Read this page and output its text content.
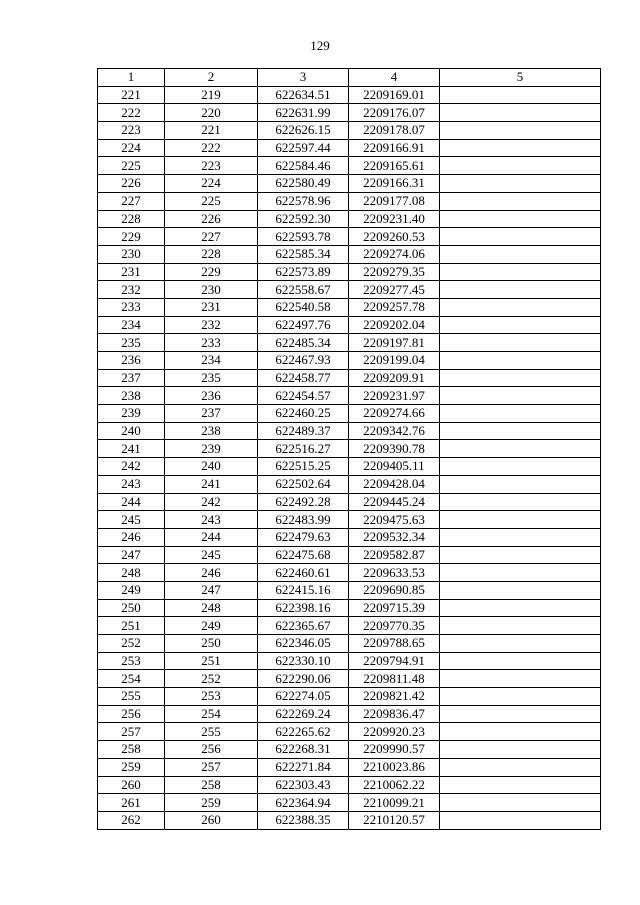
129
1	2	3	4	5
221	219	622634.51	2209169.01	
222	220	622631.99	2209176.07	
223	221	622626.15	2209178.07	
224	222	622597.44	2209166.91	
225	223	622584.46	2209165.61	
226	224	622580.49	2209166.31	
227	225	622578.96	2209177.08	
228	226	622592.30	2209231.40	
229	227	622593.78	2209260.53	
230	228	622585.34	2209274.06	
231	229	622573.89	2209279.35	
232	230	622558.67	2209277.45	
233	231	622540.58	2209257.78	
234	232	622497.76	2209202.04	
235	233	622485.34	2209197.81	
236	234	622467.93	2209199.04	
237	235	622458.77	2209209.91	
238	236	622454.57	2209231.97	
239	237	622460.25	2209274.66	
240	238	622489.37	2209342.76	
241	239	622516.27	2209390.78	
242	240	622515.25	2209405.11	
243	241	622502.64	2209428.04	
244	242	622492.28	2209445.24	
245	243	622483.99	2209475.63	
246	244	622479.63	2209532.34	
247	245	622475.68	2209582.87	
248	246	622460.61	2209633.53	
249	247	622415.16	2209690.85	
250	248	622398.16	2209715.39	
251	249	622365.67	2209770.35	
252	250	622346.05	2209788.65	
253	251	622330.10	2209794.91	
254	252	622290.06	2209811.48	
255	253	622274.05	2209821.42	
256	254	622269.24	2209836.47	
257	255	622265.62	2209920.23	
258	256	622268.31	2209990.57	
259	257	622271.84	2210023.86	
260	258	622303.43	2210062.22	
261	259	622364.94	2210099.21	
262	260	622388.35	2210120.57	
